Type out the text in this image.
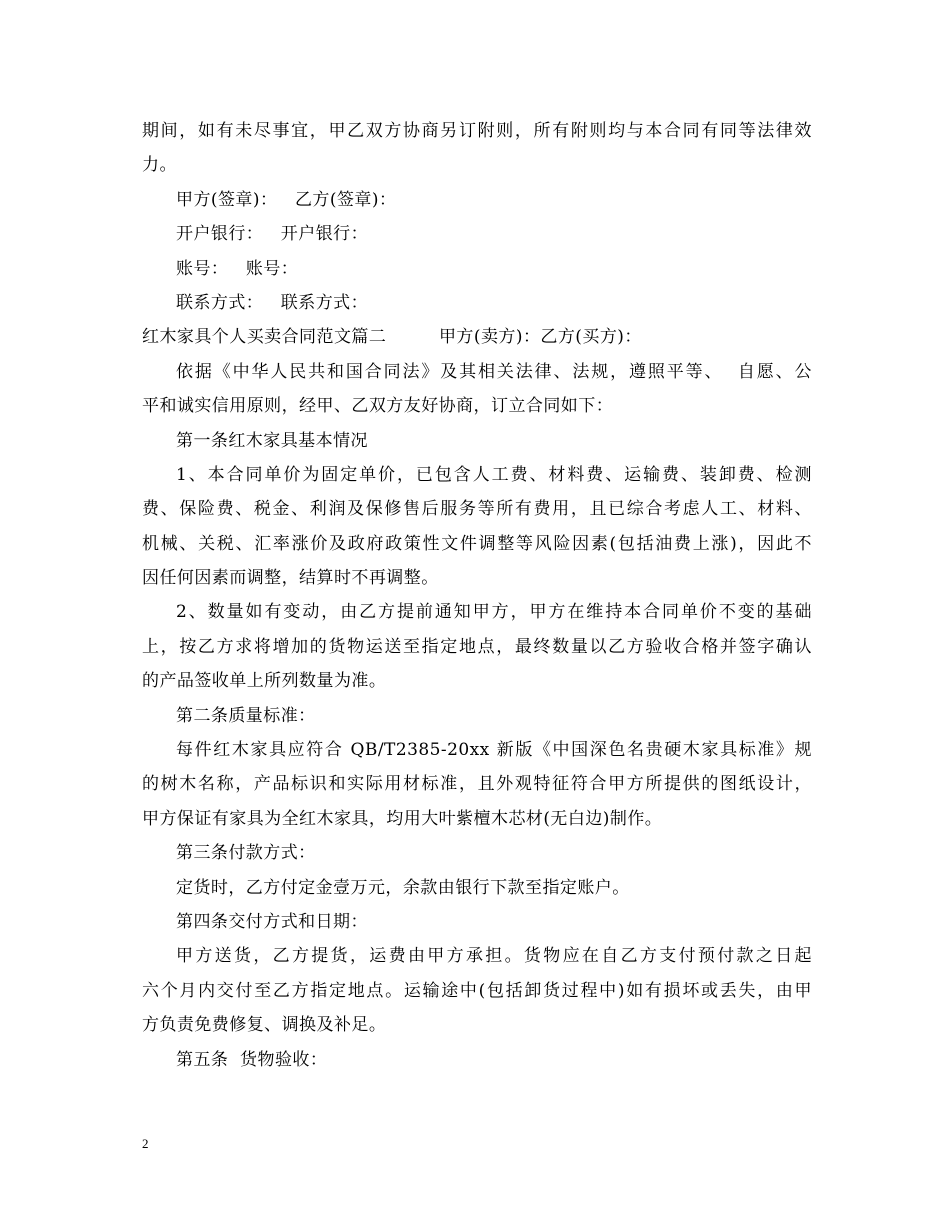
期间，如有未尽事宜，甲乙双方协商另订附则，所有附则均与本合同有同等法律效
力。
甲方(签章)：   乙方(签章)：
开户银行：   开户银行：
账号：   账号：
联系方式：   联系方式：
红木家具个人买卖合同范文篇二         甲方(卖方)：乙方(买方)：
依据《中华人民共和国合同法》及其相关法律、法规，遵照平等、  自愿、公
平和诚实信用原则，经甲、乙双方友好协商，订立合同如下：
第一条红木家具基本情况
1、本合同单价为固定单价，已包含人工费、材料费、运输费、装卸费、检测
费、保险费、税金、利润及保修售后服务等所有费用，且已综合考虑人工、材料、
机械、关税、汇率涨价及政府政策性文件调整等风险因素(包括油费上涨)，因此不
因任何因素而调整，结算时不再调整。
2、数量如有变动，由乙方提前通知甲方，甲方在维持本合同单价不变的基础
上，按乙方求将增加的货物运送至指定地点，最终数量以乙方验收合格并签字确认
的产品签收单上所列数量为准。
第二条质量标准：
每件红木家具应符合 QB/T2385-20xx 新版《中国深色名贵硬木家具标准》规
的树木名称，产品标识和实际用材标准，且外观特征符合甲方所提供的图纸设计，
甲方保证有家具为全红木家具，均用大叶紫檀木芯材(无白边)制作。
第三条付款方式：
定货时，乙方付定金壹万元，余款由银行下款至指定账户。
第四条交付方式和日期：
甲方送货，乙方提货，运费由甲方承担。货物应在自乙方支付预付款之日起
六个月内交付至乙方指定地点。运输途中(包括卸货过程中)如有损坏或丢失，由甲
方负责免费修复、调换及补足。
第五条  货物验收：
2
